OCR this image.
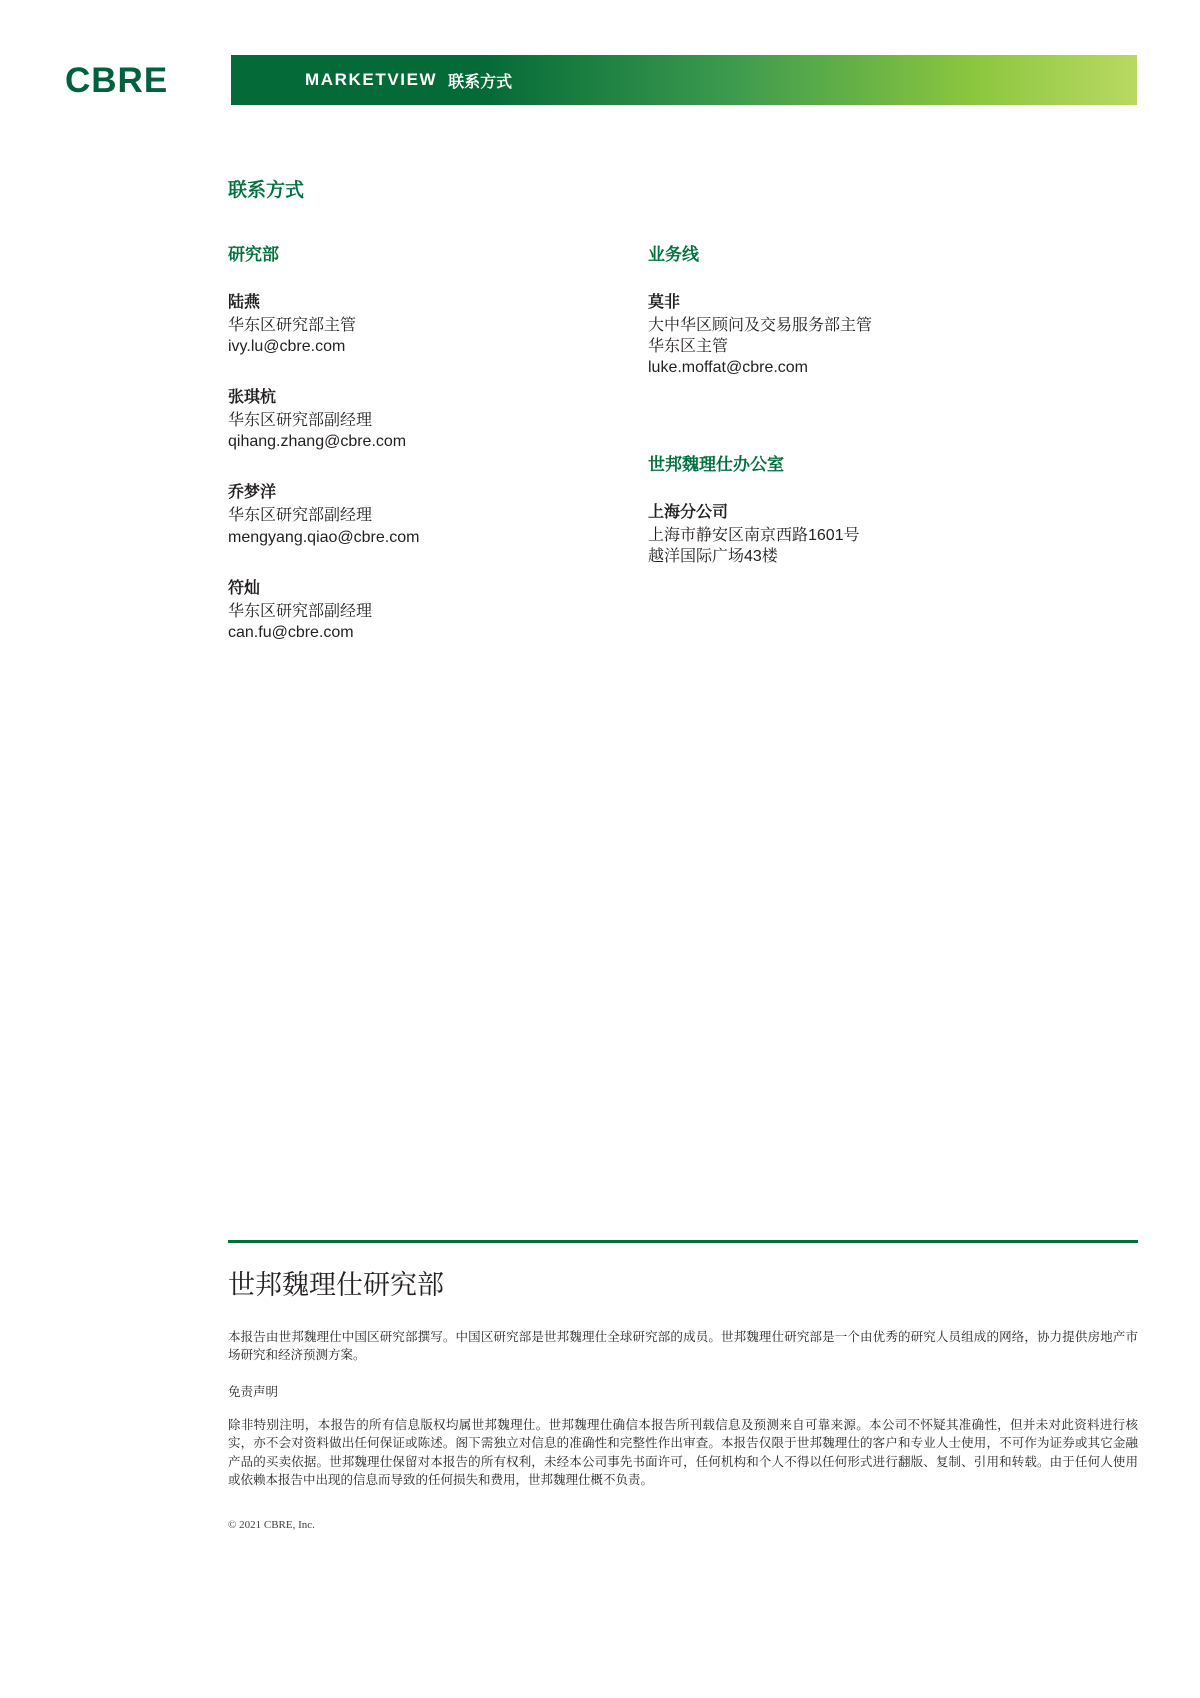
CBRE	MARKETVIEW 联系方式
联系方式
研究部
陆燕
华东区研究部主管
ivy.lu@cbre.com
张琪杭
华东区研究部副经理
qihang.zhang@cbre.com
乔梦洋
华东区研究部副经理
mengyang.qiao@cbre.com
符灿
华东区研究部副经理
can.fu@cbre.com
业务线
莫非
大中华区顾问及交易服务部主管
华东区主管
luke.moffat@cbre.com
世邦魏理仕办公室
上海分公司
上海市静安区南京西路1601号
越洋国际广场43楼
世邦魏理仕研究部

本报告由世邦魏理仕中国区研究部撰写。中国区研究部是世邦魏理仕全球研究部的成员。世邦魏理仕研究部是一个由优秀的研究人员组成的网络，协力提供房地产市场研究和经济预测方案。

免责声明

除非特别注明，本报告的所有信息版权均属世邦魏理仕。世邦魏理仕确信本报告所刊载信息及预测来自可靠来源。本公司不怀疑其准确性，但并未对此资料进行核实，亦不会对资料做出任何保证或陈述。阁下需独立对信息的准确性和完整性作出审查。本报告仅限于世邦魏理仕的客户和专业人士使用，不可作为证券或其它金融产品的买卖依据。世邦魏理仕保留对本报告的所有权利，未经本公司事先书面许可，任何机构和个人不得以任何形式进行翻版、复制、引用和转载。由于任何人使用或依赖本报告中出现的信息而导致的任何损失和费用，世邦魏理仕概不负责。

© 2021 CBRE, Inc.
